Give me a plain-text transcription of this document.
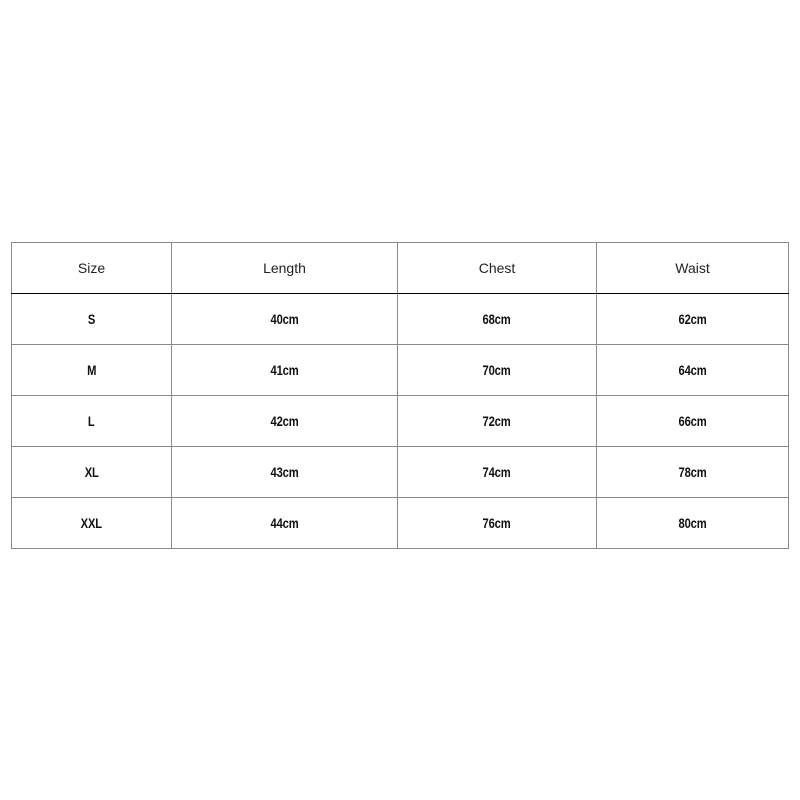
Size	Length	Chest	Waist
S	40cm	68cm	62cm
M	41cm	70cm	64cm
L	42cm	72cm	66cm
XL	43cm	74cm	78cm
XXL	44cm	76cm	80cm
